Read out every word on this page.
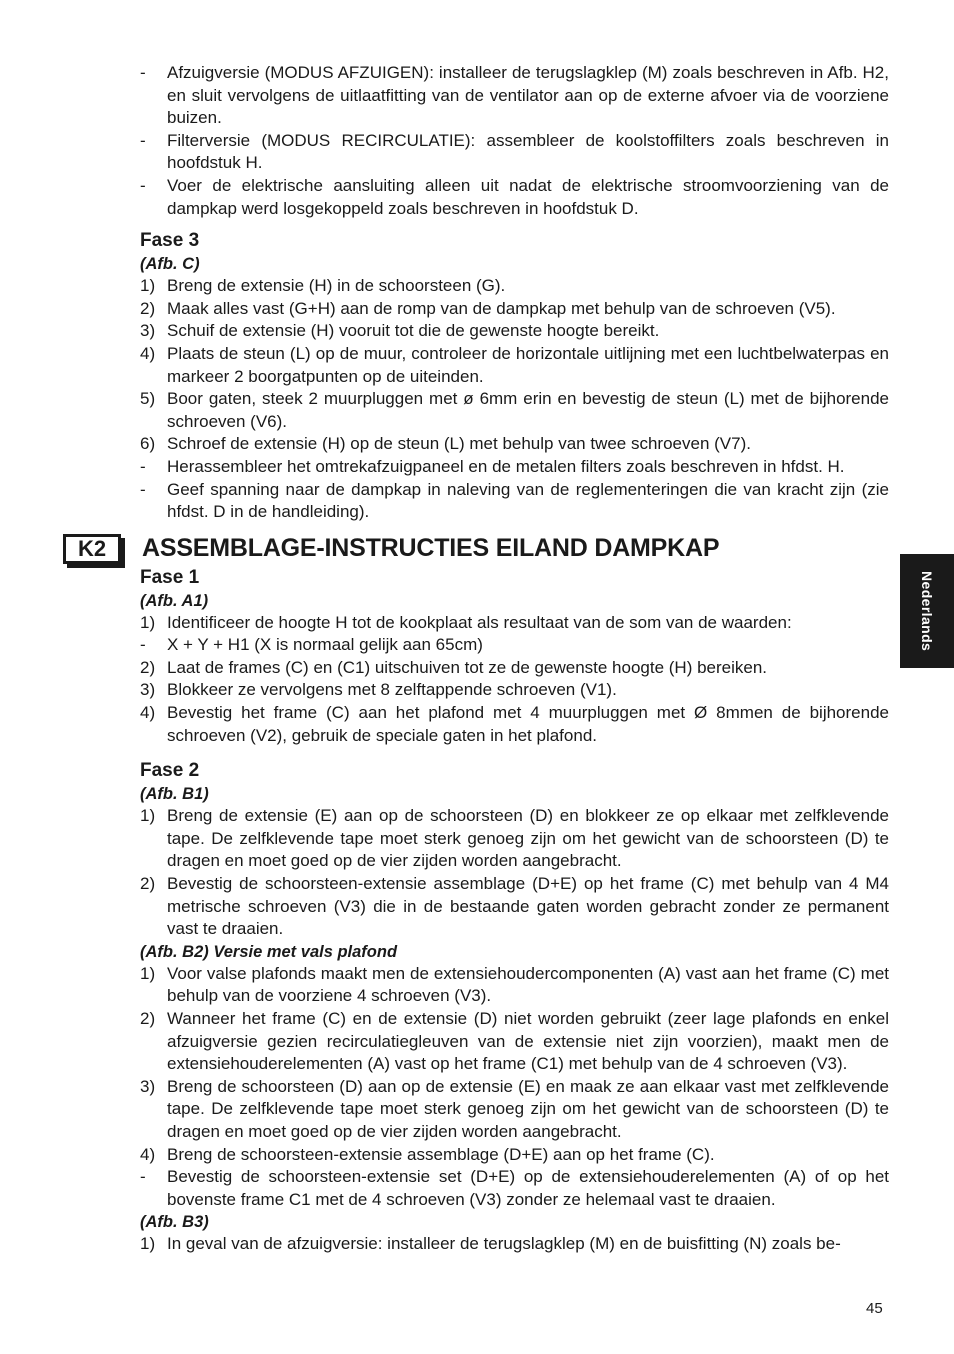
-	Afzuigversie (MODUS AFZUIGEN): installeer de terugslagklep (M) zoals beschreven in Afb. H2, en sluit vervolgens de uitlaatfitting van de ventilator aan op de externe afvoer via de voorziene buizen.
-	Filterversie (MODUS RECIRCULATIE): assembleer de koolstoffilters zoals beschreven in hoofdstuk H.
-	Voer de elektrische aansluiting alleen uit nadat de elektrische stroomvoorziening van de dampkap werd losgekoppeld zoals beschreven in hoofdstuk D.
Fase 3
(Afb. C)
1) Breng de extensie (H) in de schoorsteen (G).
2) Maak alles vast (G+H) aan de romp van de dampkap met behulp van de schroeven (V5).
3) Schuif de extensie (H) vooruit tot die de gewenste hoogte bereikt.
4) Plaats de steun (L) op de muur, controleer de horizontale uitlijning met een luchtbelwaterpas en markeer 2 boorgatpunten op de uiteinden.
5) Boor gaten, steek 2 muurpluggen met ø 6mm erin en bevestig de steun (L) met de bijhorende schroeven (V6).
6) Schroef de extensie (H) op de steun (L) met behulp van twee schroeven (V7).
-	Herassembleer het omtrekafzuigpaneel en de metalen filters zoals beschreven in hfdst. H.
-	Geef spanning naar de dampkap in naleving van de reglementeringen die van kracht zijn (zie hfdst. D in de handleiding).
K2	ASSEMBLAGE-INSTRUCTIES EILAND DAMPKAP
Fase 1
(Afb. A1)
1) Identificeer de hoogte H tot de kookplaat als resultaat van de som van de waarden:
-	X + Y + H1 (X is normaal gelijk aan 65cm)
2) Laat de frames (C) en (C1) uitschuiven tot ze de gewenste hoogte (H) bereiken.
3) Blokkeer ze vervolgens met 8 zelftappende schroeven (V1).
4) Bevestig het frame (C) aan het plafond met 4 muurpluggen met Ø 8mmen de bijhorende schroeven (V2), gebruik de speciale gaten in het plafond.
Fase 2
(Afb. B1)
1) Breng de extensie (E) aan op de schoorsteen (D) en blokkeer ze op elkaar met zelfklevende tape. De zelfklevende tape moet sterk genoeg zijn om het gewicht van de schoorsteen (D) te dragen en moet goed op de vier zijden worden aangebracht.
2) Bevestig de schoorsteen-extensie assemblage (D+E) op het frame (C) met behulp van 4 M4 metrische schroeven (V3) die in de bestaande gaten worden gebracht zonder ze permanent vast te draaien.
(Afb. B2) Versie met vals plafond
1) Voor valse plafonds maakt men de extensiehoudercomponenten (A) vast aan het frame (C) met behulp van de voorziene 4 schroeven (V3).
2) Wanneer het frame (C) en de extensie (D) niet worden gebruikt (zeer lage plafonds en enkel afzuigversie gezien recirculatiegleuven van de extensie niet zijn voorzien), maakt men de extensiehouderelementen (A) vast op het frame (C1) met behulp van de 4 schroeven (V3).
3) Breng de schoorsteen (D) aan op de extensie (E) en maak ze aan elkaar vast met zelfklevende tape. De zelfklevende tape moet sterk genoeg zijn om het gewicht van de schoorsteen (D) te dragen en moet goed op de vier zijden worden aangebracht.
4) Breng de schoorsteen-extensie assemblage (D+E) aan op het frame (C).
-	Bevestig de schoorsteen-extensie set (D+E) op de extensiehouderelementen (A) of op het bovenste frame C1 met de 4 schroeven (V3) zonder ze helemaal vast te draaien.
(Afb. B3)
1) In geval van de afzuigversie: installeer de terugslagklep (M) en de buisfitting (N) zoals be-
Nederlands
45
